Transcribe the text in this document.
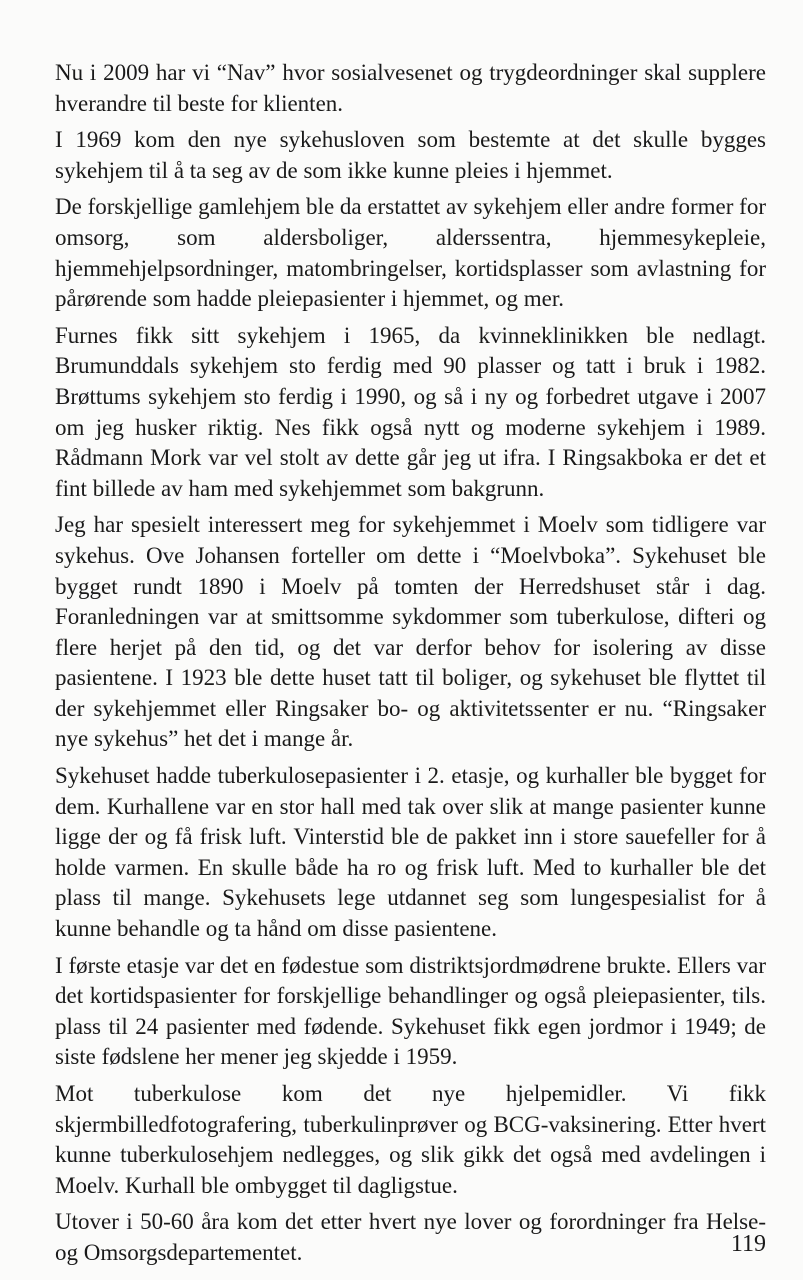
Nu i 2009 har vi “Nav” hvor sosialvesenet og trygdeordninger skal supplere hverandre til beste for klienten.

I 1969 kom den nye sykehusloven som bestemte at det skulle bygges sykehjem til å ta seg av de som ikke kunne pleies i hjemmet.

De forskjellige gamlehjem ble da erstattet av sykehjem eller andre former for omsorg, som aldersboliger, alderssentra, hjemmesykepleie, hjemmehjelpsordninger, matombringelser, kortidsplasser som avlastning for pårørende som hadde pleiepasienter i hjemmet, og mer.

Furnes fikk sitt sykehjem i 1965, da kvinneklinikken ble nedlagt. Brumunddals sykehjem sto ferdig med 90 plasser og tatt i bruk i 1982. Brøttums sykehjem sto ferdig i 1990, og så i ny og forbedret utgave i 2007 om jeg husker riktig. Nes fikk også nytt og moderne sykehjem i 1989. Rådmann Mork var vel stolt av dette går jeg ut ifra. I Ringsakboka er det et fint billede av ham med sykehjemmet som bakgrunn.

Jeg har spesielt interessert meg for sykehjemmet i Moelv som tidligere var sykehus. Ove Johansen forteller om dette i “Moelvboka”. Sykehuset ble bygget rundt 1890 i Moelv på tomten der Herredshuset står i dag. Foranledningen var at smittsomme sykdommer som tuberkulose, difteri og flere herjet på den tid, og det var derfor behov for isolering av disse pasientene. I 1923 ble dette huset tatt til boliger, og sykehuset ble flyttet til der sykehjemmet eller Ringsaker bo- og aktivitetssenter er nu. “Ringsaker nye sykehus” het det i mange år.

Sykehuset hadde tuberkulosepasienter i 2. etasje, og kurhaller ble bygget for dem. Kurhallene var en stor hall med tak over slik at mange pasienter kunne ligge der og få frisk luft. Vinterstid ble de pakket inn i store sauefeller for å holde varmen. En skulle både ha ro og frisk luft. Med to kurhaller ble det plass til mange. Sykehusets lege utdannet seg som lungespesialist for å kunne behandle og ta hånd om disse pasientene.

I første etasje var det en fødestue som distriktsjordmødrene brukte. Ellers var det kortidspasienter for forskjellige behandlinger og også pleiepasienter, tils. plass til 24 pasienter med fødende. Sykehuset fikk egen jordmor i 1949; de siste fødslene her mener jeg skjedde i 1959.

Mot tuberkulose kom det nye hjelpemidler. Vi fikk skjermbilledfotografering, tuberkulinprøver og BCG-vaksinering. Etter hvert kunne tuberkulosehjem nedlegges, og slik gikk det også med avdelingen i Moelv. Kurhall ble ombygget til dagligstue.

Utover i 50-60 åra kom det etter hvert nye lover og forordninger fra Helse- og Omsorgsdepartementet.	119
